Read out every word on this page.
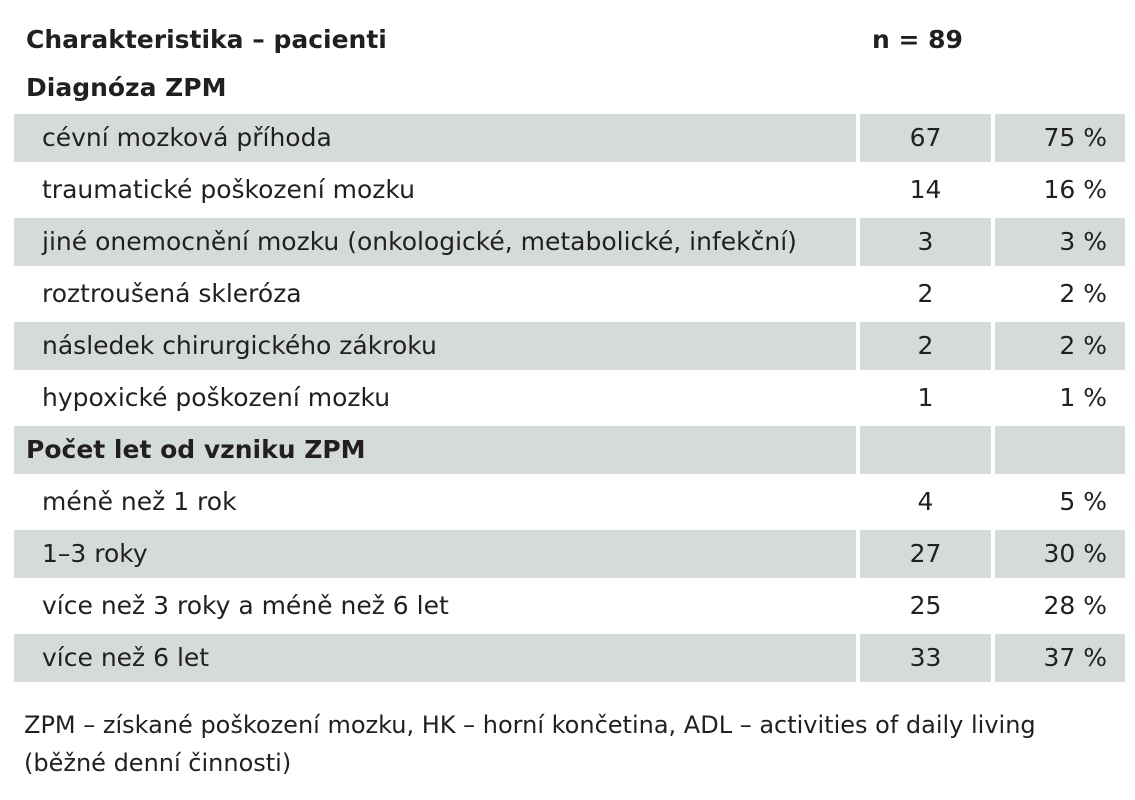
Charakteristika – pacienti	n = 89	
Diagnóza ZPM		
cévní mozková příhoda	67	75 %
traumatické poškození mozku	14	16 %
jiné onemocnění mozku (onkologické, metabolické, infekční)	3	3 %
roztroušená skleróza	2	2 %
následek chirurgického zákroku	2	2 %
hypoxické poškození mozku	1	1 %
Počet let od vzniku ZPM		
méně než 1 rok	4	5 %
1–3 roky	27	30 %
více než 3 roky a méně než 6 let	25	28 %
více než 6 let	33	37 %
ZPM – získané poškození mozku, HK – horní končetina, ADL – activities of daily living (běžné denní činnosti)
